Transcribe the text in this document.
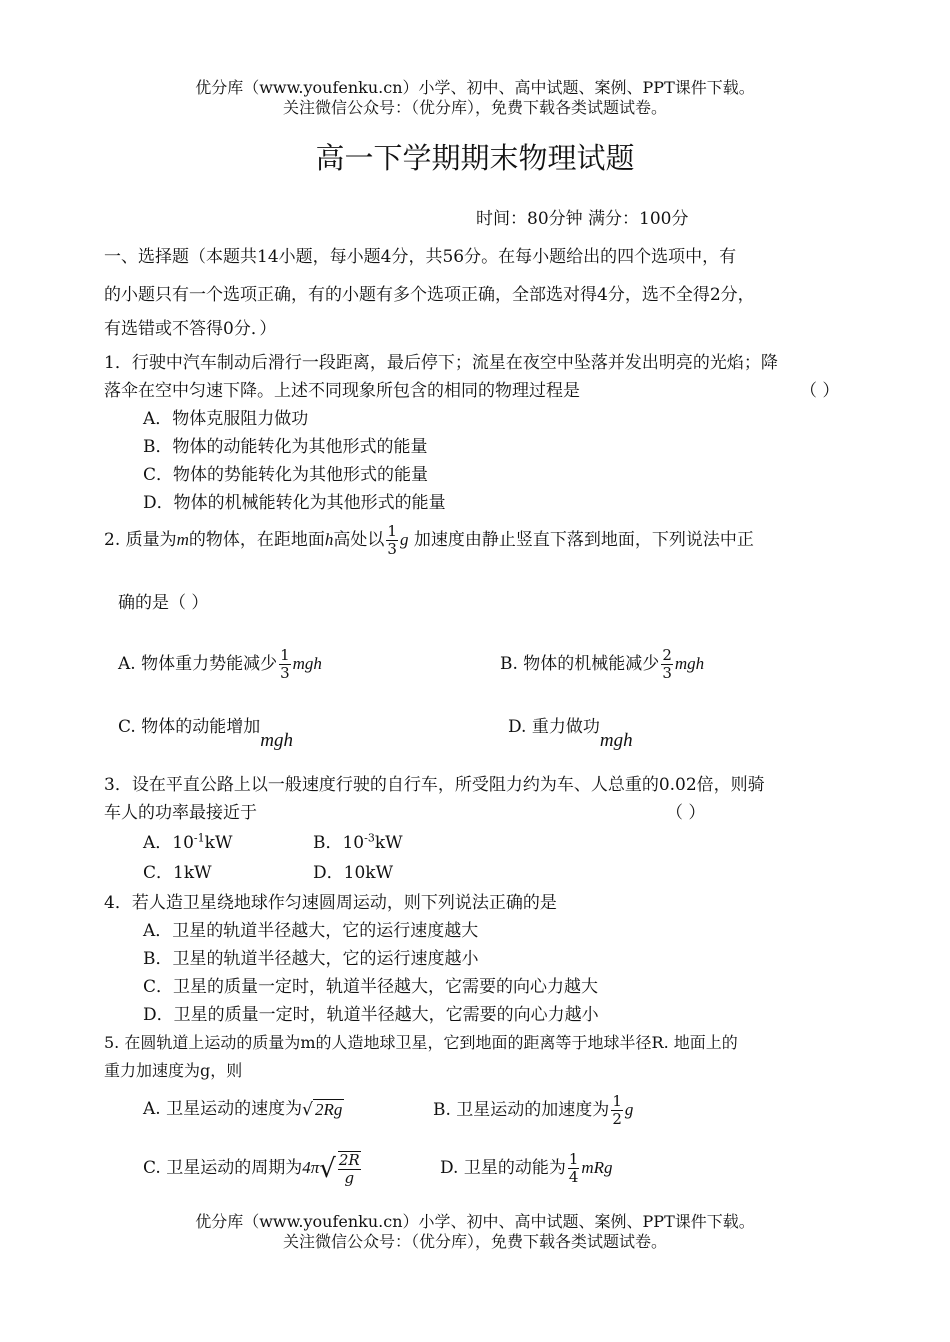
优分库（www.youfenku.cn）小学、初中、高中试题、案例、PPT课件下载。
关注微信公众号：（优分库），免费下载各类试题试卷。
高一下学期期末物理试题
时间：80分钟 满分：100分
一、选择题（本题共14小题，每小题4分，共56分。在每小题给出的四个选项中，有
的小题只有一个选项正确，有的小题有多个选项正确，全部选对得4分，选不全得2分，
有选错或不答得0分．）
1．行驶中汽车制动后滑行一段距离，最后停下；流星在夜空中坠落并发出明亮的光焰；降
落伞在空中匀速下降。上述不同现象所包含的相同的物理过程是	（ ）
A．物体克服阻力做功
B．物体的动能转化为其他形式的能量
C．物体的势能转化为其他形式的能量
D．物体的机械能转化为其他形式的能量
2. 质量为m的物体，在距地面h高处以 $\frac{1}{3}$ g 加速度由静止竖直下落到地面，下列说法中正
确的是（ ）
A. 物体重力势能减少 $\frac{1}{3}$ mgh	B. 物体的机械能减少 $\frac{2}{3}$ mgh
C. 物体的动能增加mgh
D. 重力做功mgh
3．设在平直公路上以一般速度行驶的自行车，所受阻力约为车、人总重的0.02倍，则骑
车人的功率最接近于	（ ）
A．$10^{-1}kW$	B．$10^{-3}kW$
C．1kW	D．10kW
4．若人造卫星绕地球作匀速圆周运动，则下列说法正确的是
A．卫星的轨道半径越大，它的运行速度越大
B．卫星的轨道半径越大，它的运行速度越小
C．卫星的质量一定时，轨道半径越大，它需要的向心力越大
D．卫星的质量一定时，轨道半径越大，它需要的向心力越小
5. 在圆轨道上运动的质量为m的人造地球卫星，它到地面的距离等于地球半径R. 地面上的
重力加速度为g，则
A. 卫星运动的速度为√ 2Rg	B. 卫星运动的加速度为 $\frac{1}{2}$ g
C. 卫星运动的周期为$4\pi√ \frac{2R}{g}$	D. 卫星的动能为 $\frac{1}{4}$ mRg
优分库（www.youfenku.cn）小学、初中、高中试题、案例、PPT课件下载。
关注微信公众号：（优分库），免费下载各类试题试卷。
